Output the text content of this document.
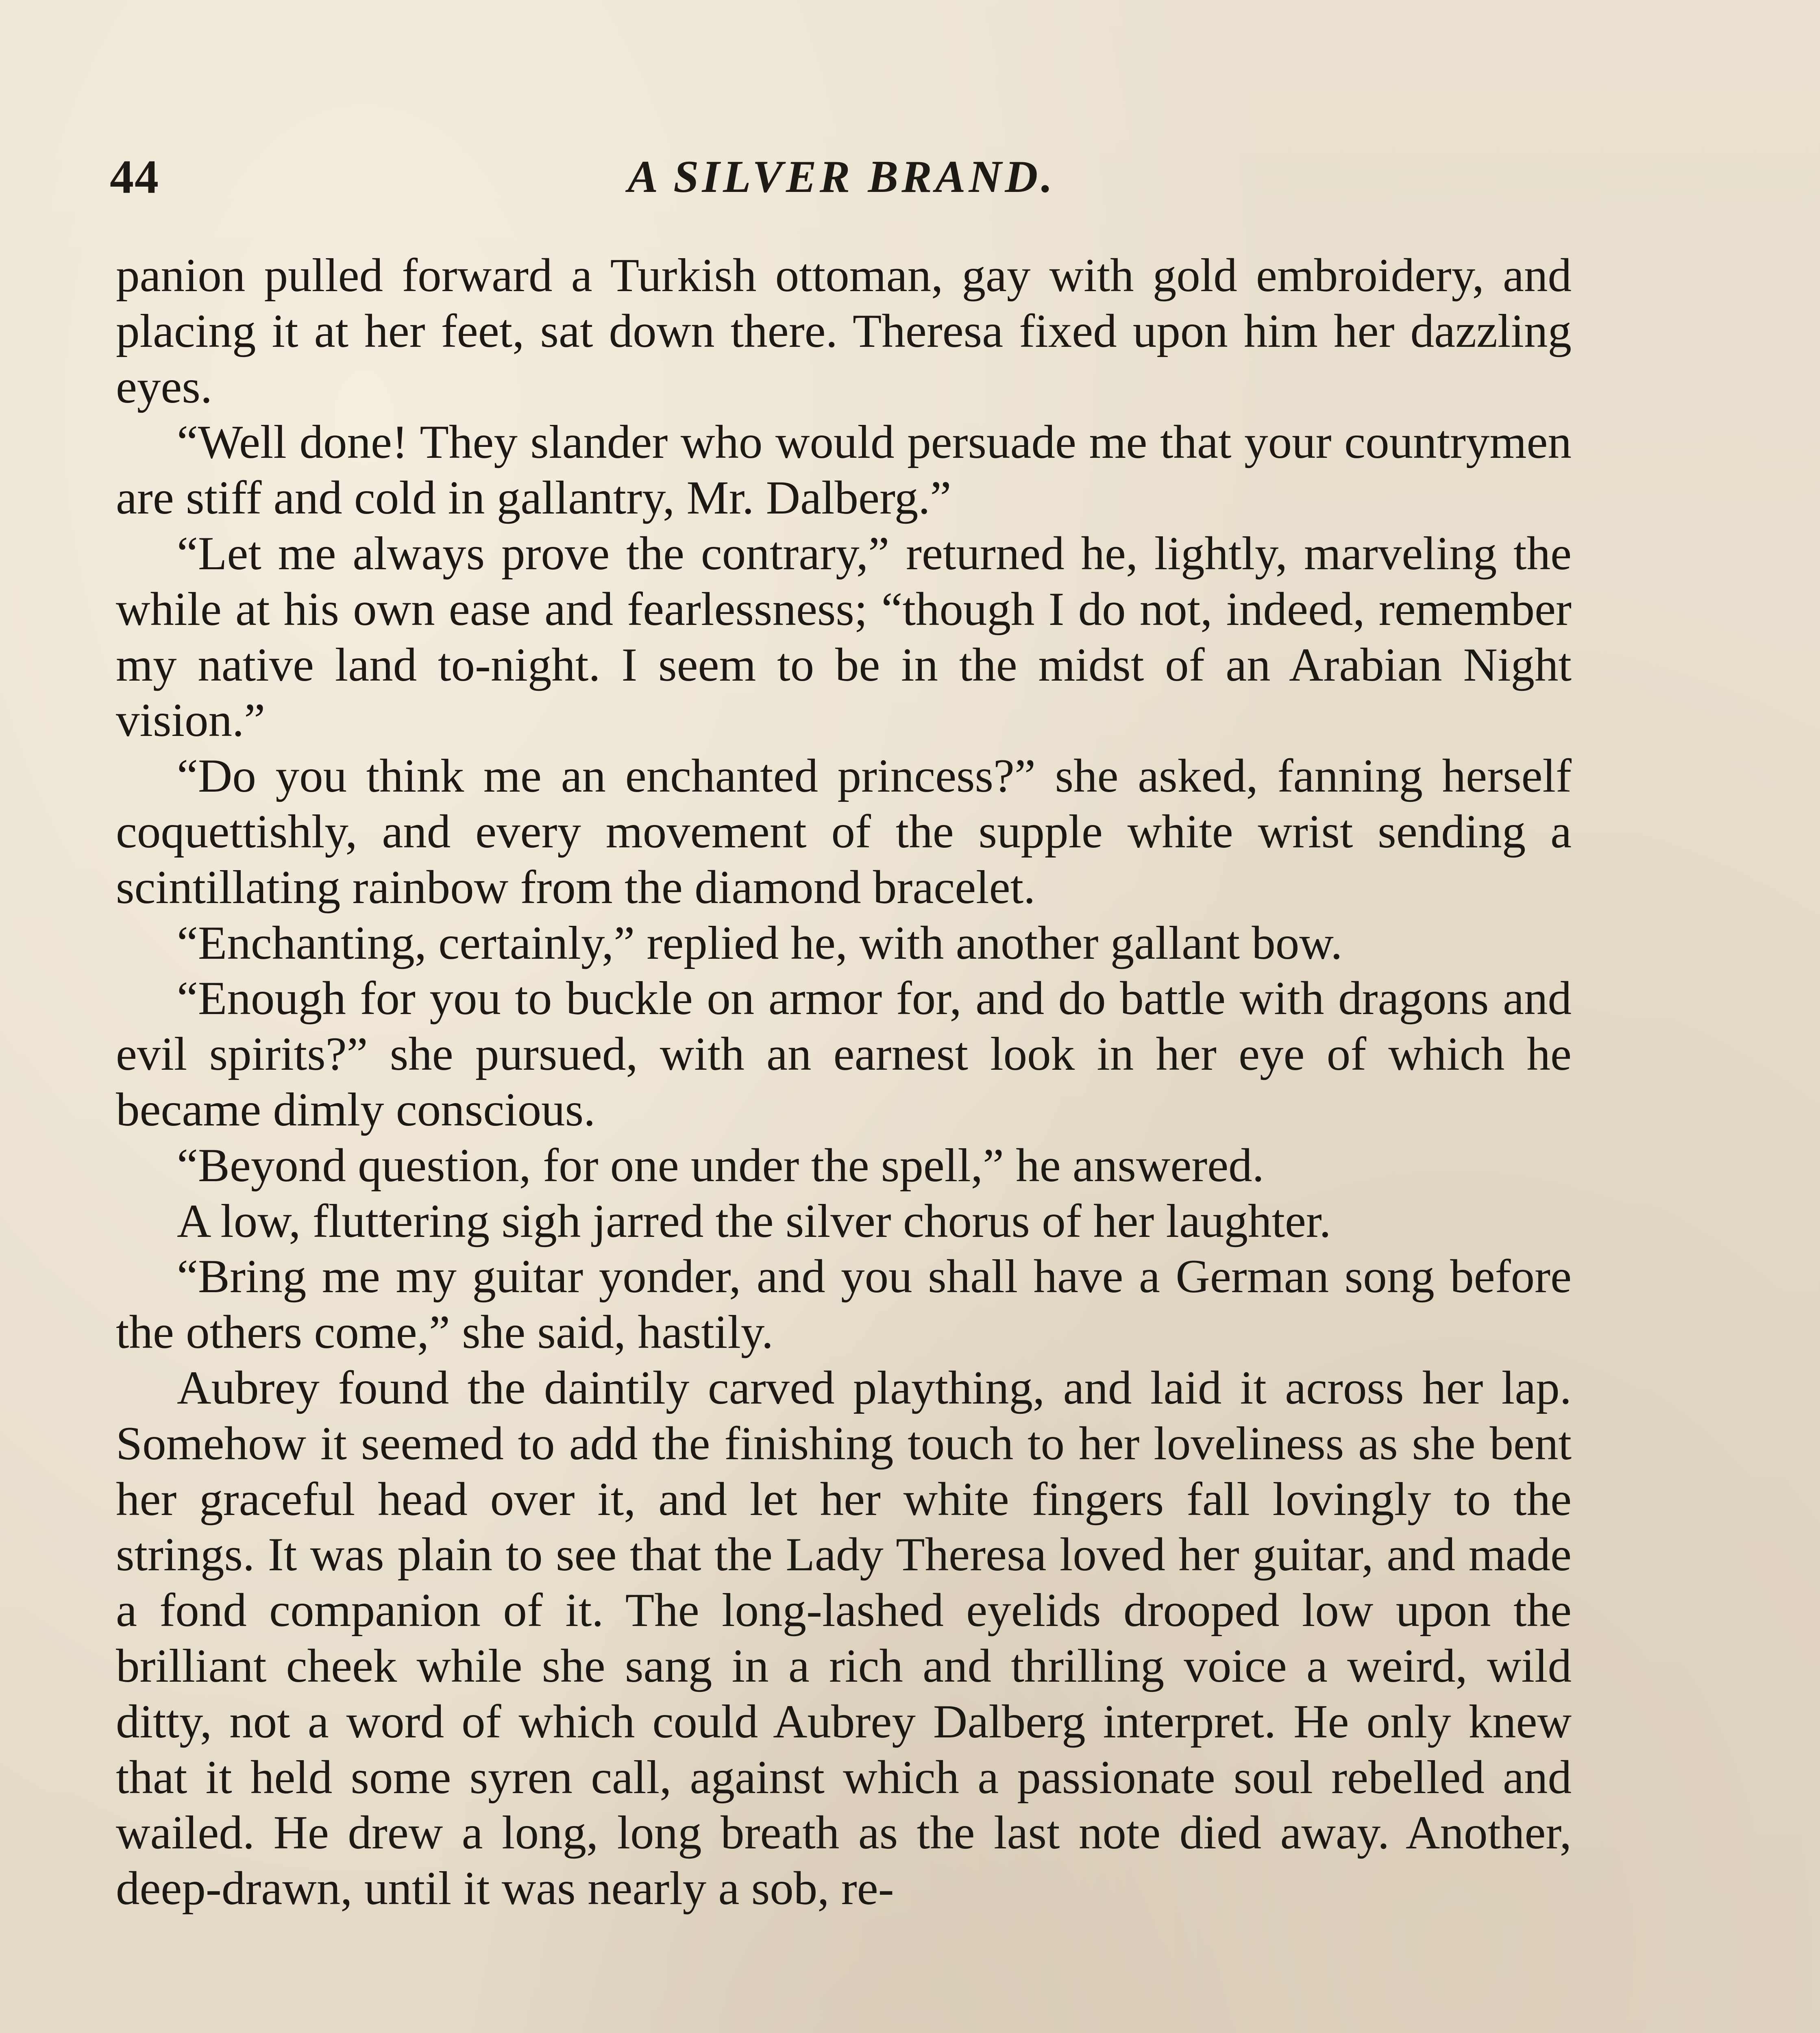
44	A SILVER BRAND.

panion pulled forward a Turkish ottoman, gay with gold embroidery, and placing it at her feet, sat down there. Theresa fixed upon him her dazzling eyes.

“Well done! They slander who would persuade me that your countrymen are stiff and cold in gallantry, Mr. Dalberg.”

“Let me always prove the contrary,” returned he, lightly, marveling the while at his own ease and fearlessness; “though I do not, indeed, remember my native land to-night. I seem to be in the midst of an Arabian Night vision.”

“Do you think me an enchanted princess?” she asked, fanning herself coquettishly, and every movement of the supple white wrist sending a scintillating rainbow from the diamond bracelet.

“Enchanting, certainly,” replied he, with another gallant bow.

“Enough for you to buckle on armor for, and do battle with dragons and evil spirits?” she pursued, with an earnest look in her eye of which he became dimly conscious.

“Beyond question, for one under the spell,” he answered.

A low, fluttering sigh jarred the silver chorus of her laughter.

“Bring me my guitar yonder, and you shall have a German song before the others come,” she said, hastily.

Aubrey found the daintily carved plaything, and laid it across her lap. Somehow it seemed to add the finishing touch to her loveliness as she bent her graceful head over it, and let her white fingers fall lovingly to the strings. It was plain to see that the Lady Theresa loved her guitar, and made a fond companion of it. The long-lashed eyelids drooped low upon the brilliant cheek while she sang in a rich and thrilling voice a weird, wild ditty, not a word of which could Aubrey Dalberg interpret. He only knew that it held some syren call, against which a passionate soul rebelled and wailed. He drew a long, long breath as the last note died away. Another, deep-drawn, until it was nearly a sob, re-
